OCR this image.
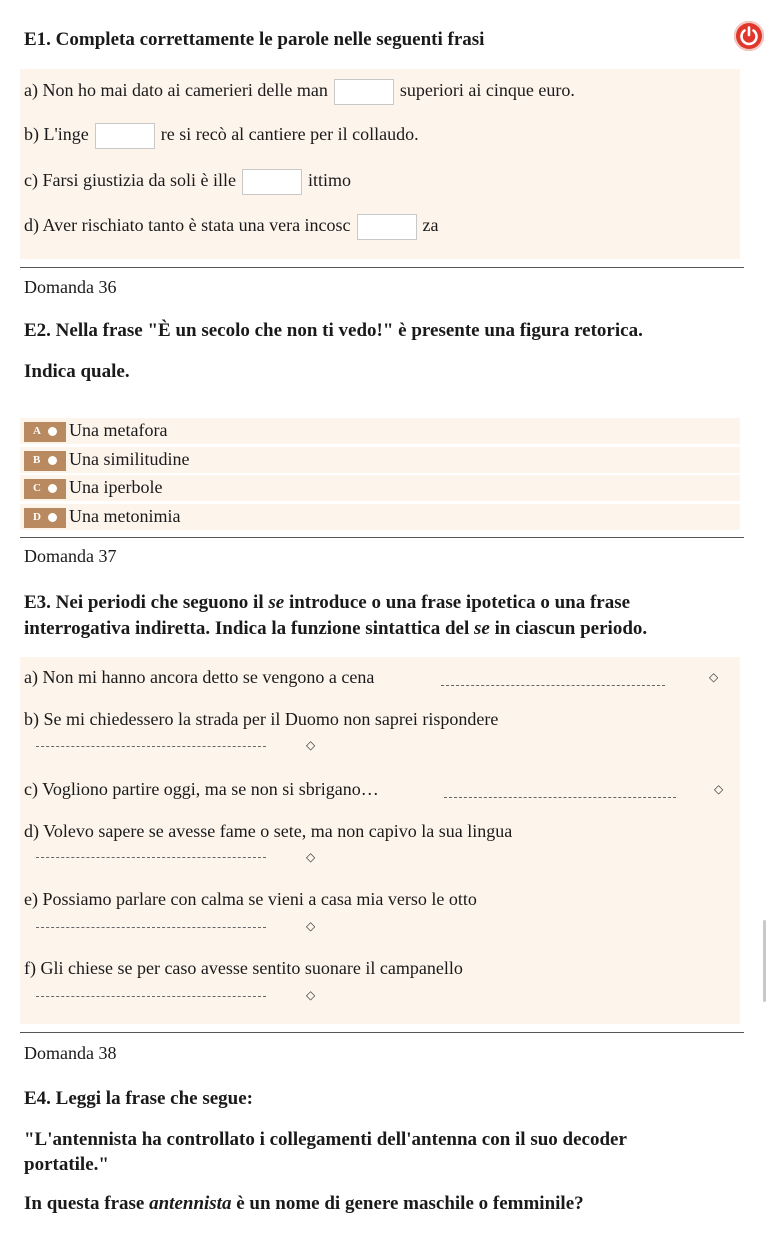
E1. Completa correttamente le parole nelle seguenti frasi
a) Non ho mai dato ai camerieri delle man	superiori ai cinque euro.
b) L'inge	re si recò al cantiere per il collaudo.
c) Farsi giustizia da soli è ille	ittimo
d) Aver rischiato tanto è stata una vera incosc	za
Domanda 36
E2. Nella frase "È un secolo che non ti vedo!" è presente una figura retorica.
Indica quale.
A Una metafora
B Una similitudine
C Una iperbole
D Una metonimia
Domanda 37
E3. Nei periodi che seguono il se introduce o una frase ipotetica o una frase
interrogativa indiretta. Indica la funzione sintattica del se in ciascun periodo.
a) Non mi hanno ancora detto se vengono a cena	◇
b) Se mi chiedessero la strada per il Duomo non saprei rispondere
◇
c) Vogliono partire oggi, ma se non si sbrigano…	◇
d) Volevo sapere se avesse fame o sete, ma non capivo la sua lingua
◇
e) Possiamo parlare con calma se vieni a casa mia verso le otto
◇
f) Gli chiese se per caso avesse sentito suonare il campanello
◇
Domanda 38
E4. Leggi la frase che segue:
"L'antennista ha controllato i collegamenti dell'antenna con il suo decoder
portatile."
In questa frase antennista è un nome di genere maschile o femminile?
